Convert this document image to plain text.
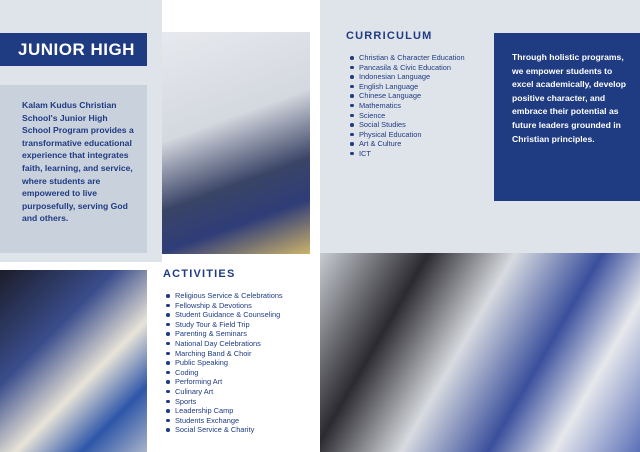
JUNIOR HIGH

Kalam Kudus Christian School's Junior High School Program provides a transformative educational experience that integrates faith, learning, and service, where students are empowered to live purposefully, serving God and others.

CURRICULUM
Christian & Character Education
Pancasila & Civic Education
Indonesian Language
English Language
Chinese Language
Mathematics
Science
Social Studies
Physical Education
Art & Culture
ICT

Through holistic programs, we empower students to excel academically, develop positive character, and embrace their potential as future leaders grounded in Christian principles.

ACTIVITIES
Religious Service & Celebrations
Fellowship & Devotions
Student Guidance & Counseling
Study Tour & Field Trip
Parenting & Seminars
National Day Celebrations
Marching Band & Choir
Public Speaking
Coding
Performing Art
Culinary Art
Sports
Leadership Camp
Students Exchange
Social Service & Charity
